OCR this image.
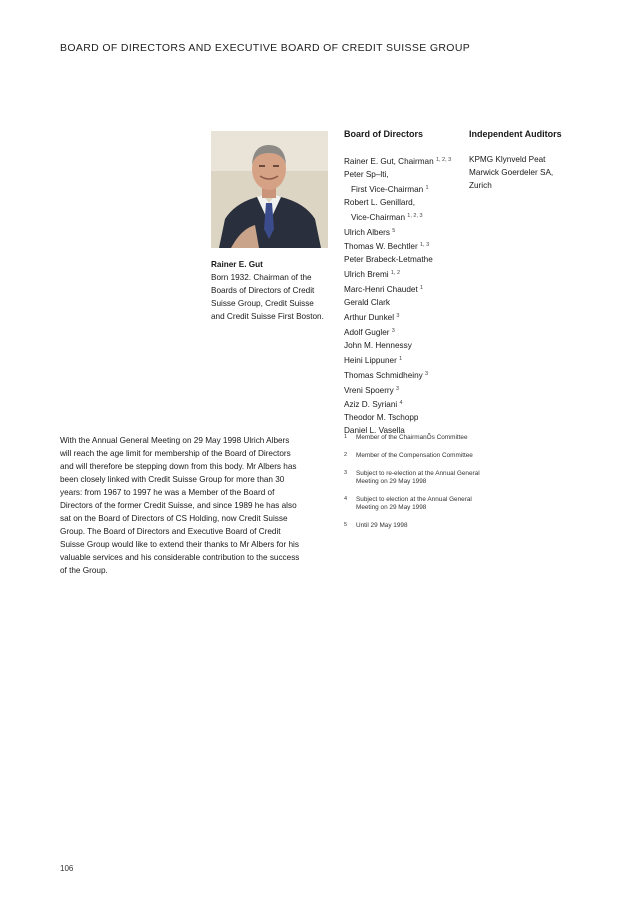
BOARD OF DIRECTORS AND EXECUTIVE BOARD OF CREDIT SUISSE GROUP
Rainer E. Gut
Born 1932. Chairman of the
Boards of Directors of Credit
Suisse Group, Credit Suisse
and Credit Suisse First Boston.
Board of Directors	Independent Auditors
Rainer E. Gut, Chairman $^{1, 2, 3}$
Peter Sp–lti,
First Vice-Chairman $^1$
Robert L. Genillard,
Vice-Chairman $^{1, 2, 3}$
Ulrich Albers $^5$
Thomas W. Bechtler $^{1, 3}$
Peter Brabeck-Letmathe
Ulrich Bremi $^{1, 2}$
Marc-Henri Chaudet $^1$
Gerald Clark
Arthur Dunkel $^3$
Adolf Gugler $^3$
John M. Hennessy
Heini Lippuner $^1$
Thomas Schmidheiny $^3$
Vreni Spoerry $^3$
Aziz D. Syriani $^4$
Theodor M. Tschopp
Daniel L. Vasella
KPMG Klynveld Peat
Marwick Goerdeler SA,
Zurich

With the Annual General Meeting on 29 May 1998 Ulrich Albers will reach the age limit for membership of the Board of Directors and will therefore be stepping down from this body. Mr Albers has been closely linked with Credit Suisse Group for more than 30 years: from 1967 to 1997 he was a Member of the Board of Directors of the former Credit Suisse, and since 1989 he has also sat on the Board of Directors of CS Holding, now Credit Suisse Group. The Board of Directors and Executive Board of Credit Suisse Group would like to extend their thanks to Mr Albers for his valuable services and his considerable contribution to the success of the Group.

1 Member of the ChairmanÕs Committee
2 Member of the Compensation Committee
3 Subject to re-election at the Annual General Meeting on 29 May 1998
4 Subject to election at the Annual General Meeting on 29 May 1998
5 Until 29 May 1998
106
